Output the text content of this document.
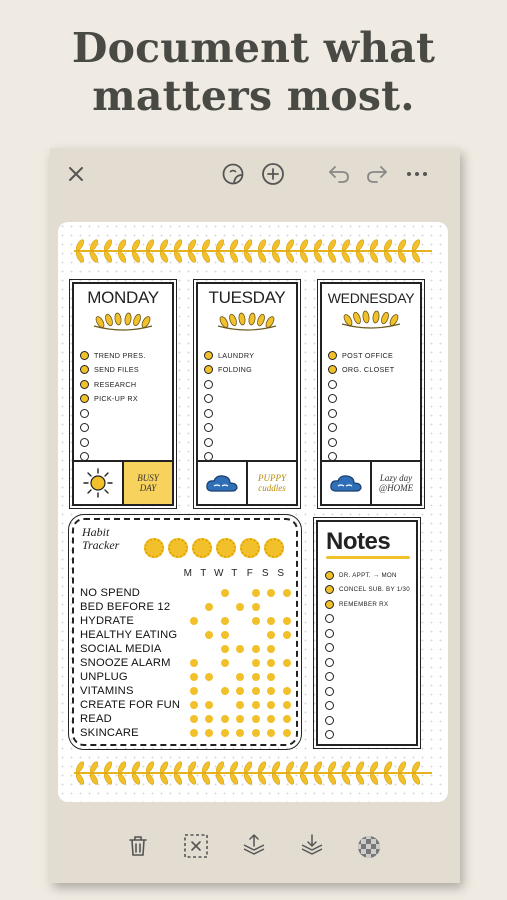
Document what
matters most.
MONDAY
TREND PRES.
SEND FILES
RESEARCH
PICK-UP RX
BUSY DAY
TUESDAY
LAUNDRY
FOLDING
PUPPY cuddles
WEDNESDAY
POST OFFICE
ORG. CLOSET
Lazy day @HOME
Habit
Tracker
M T W T F S S
NO SPEND
BED BEFORE 12
HYDRATE
HEALTHY EATING
SOCIAL MEDIA
SNOOZE ALARM
UNPLUG
VITAMINS
CREATE FOR FUN
READ
SKINCARE
Notes
DR. APPT. → MON
CONCEL SUB. BY 1/30
REMEMBER RX
